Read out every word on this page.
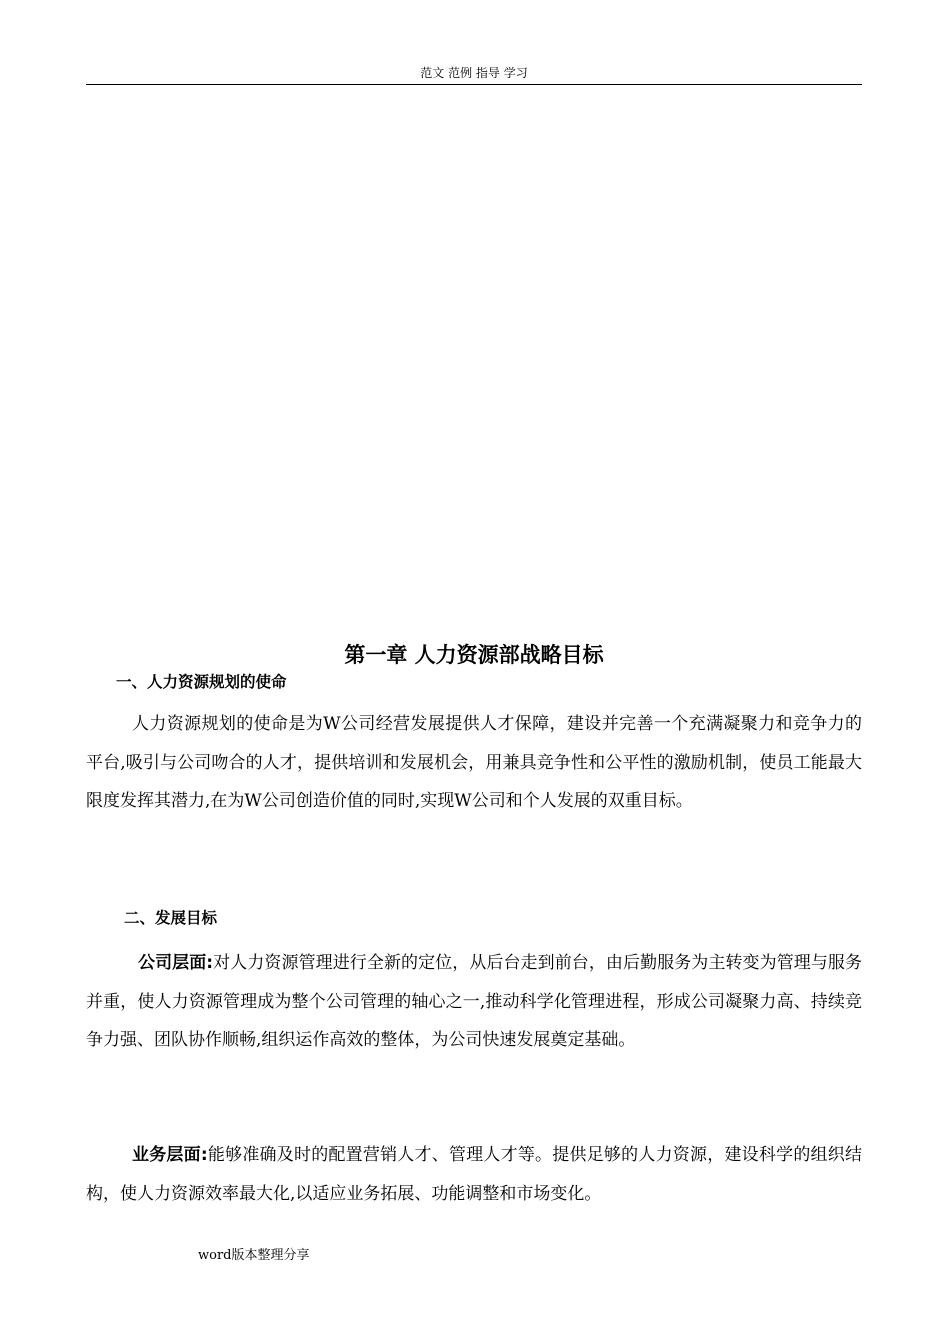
范文 范例 指导 学习
第一章 人力资源部战略目标
一、人力资源规划的使命

人力资源规划的使命是为W公司经营发展提供人才保障，建设并完善一个充满凝聚力和竞争力的平台,吸引与公司吻合的人才，提供培训和发展机会，用兼具竞争性和公平性的激励机制，使员工能最大限度发挥其潜力,在为W公司创造价值的同时,实现W公司和个人发展的双重目标。

二、发展目标

公司层面:对人力资源管理进行全新的定位，从后台走到前台，由后勤服务为主转变为管理与服务并重，使人力资源管理成为整个公司管理的轴心之一,推动科学化管理进程，形成公司凝聚力高、持续竞争力强、团队协作顺畅,组织运作高效的整体，为公司快速发展奠定基础。

业务层面:能够准确及时的配置营销人才、管理人才等。提供足够的人力资源，建设科学的组织结构，使人力资源效率最大化,以适应业务拓展、功能调整和市场变化。

word版本整理分享
